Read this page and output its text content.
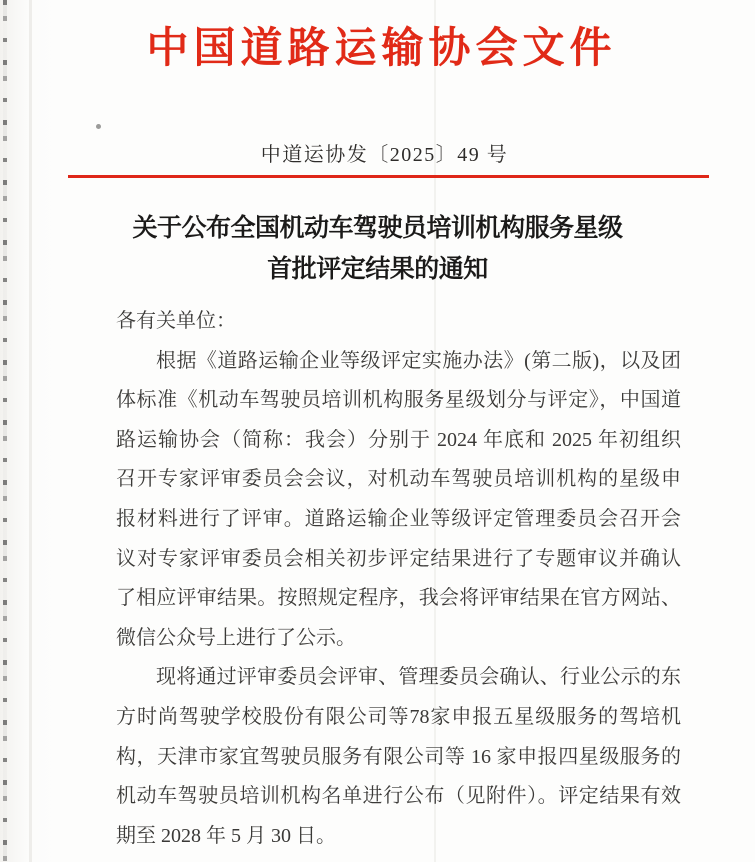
中国道路运输协会文件
中道运协发〔2025〕49 号
关于公布全国机动车驾驶员培训机构服务星级
首批评定结果的通知
各有关单位：
根据《道路运输企业等级评定实施办法》(第二版)，以及团
体标准《机动车驾驶员培训机构服务星级划分与评定》，中国道
路运输协会（简称：我会）分别于 2024 年底和 2025 年初组织
召开专家评审委员会会议，对机动车驾驶员培训机构的星级申
报材料进行了评审。道路运输企业等级评定管理委员会召开会
议对专家评审委员会相关初步评定结果进行了专题审议并确认
了相应评审结果。按照规定程序，我会将评审结果在官方网站、
微信公众号上进行了公示。
现将通过评审委员会评审、管理委员会确认、行业公示的东
方时尚驾驶学校股份有限公司等78家申报五星级服务的驾培机
构，天津市家宜驾驶员服务有限公司等 16 家申报四星级服务的
机动车驾驶员培训机构名单进行公布（见附件）。评定结果有效
期至 2028 年 5 月 30 日。
